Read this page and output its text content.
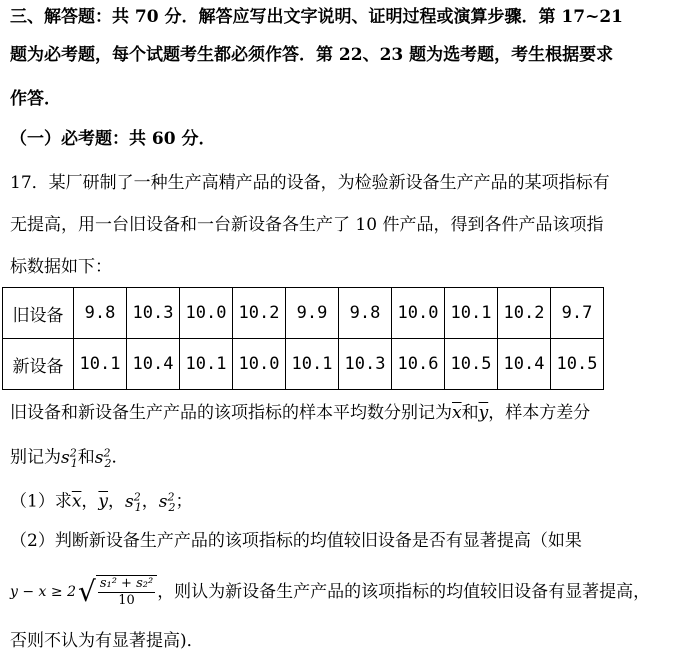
三、解答题：共 70 分．解答应写出文字说明、证明过程或演算步骤．第 17~21
题为必考题，每个试题考生都必须作答．第 22、23 题为选考题，考生根据要求
作答．
（一）必考题：共 60 分．
17．某厂研制了一种生产高精产品的设备，为检验新设备生产产品的某项指标有
无提高，用一台旧设备和一台新设备各生产了 10 件产品，得到各件产品该项指
标数据如下：
旧设备	9.8	10.3	10.0	10.2	9.9	9.8	10.0	10.1	10.2	9.7
新设备	10.1	10.4	10.1	10.0	10.1	10.3	10.6	10.5	10.4	10.5
旧设备和新设备生产产品的该项指标的样本平均数分别记为$\overline{x}$和$\overline{y}$，样本方差分
别记为$s^2_1$和$s^2_2$．
（1）求$\overline{x}$，$\overline{y}$，$s^2_1$，$s^2_2$；
（2）判断新设备生产产品的该项指标的均值较旧设备是否有显著提高（如果
y − x ≥ 2 √ $\frac{\text{s₁² + s₂²}}{10}$ ，则认为新设备生产产品的该项指标的均值较旧设备有显著提高，
否则不认为有显著提高)．
